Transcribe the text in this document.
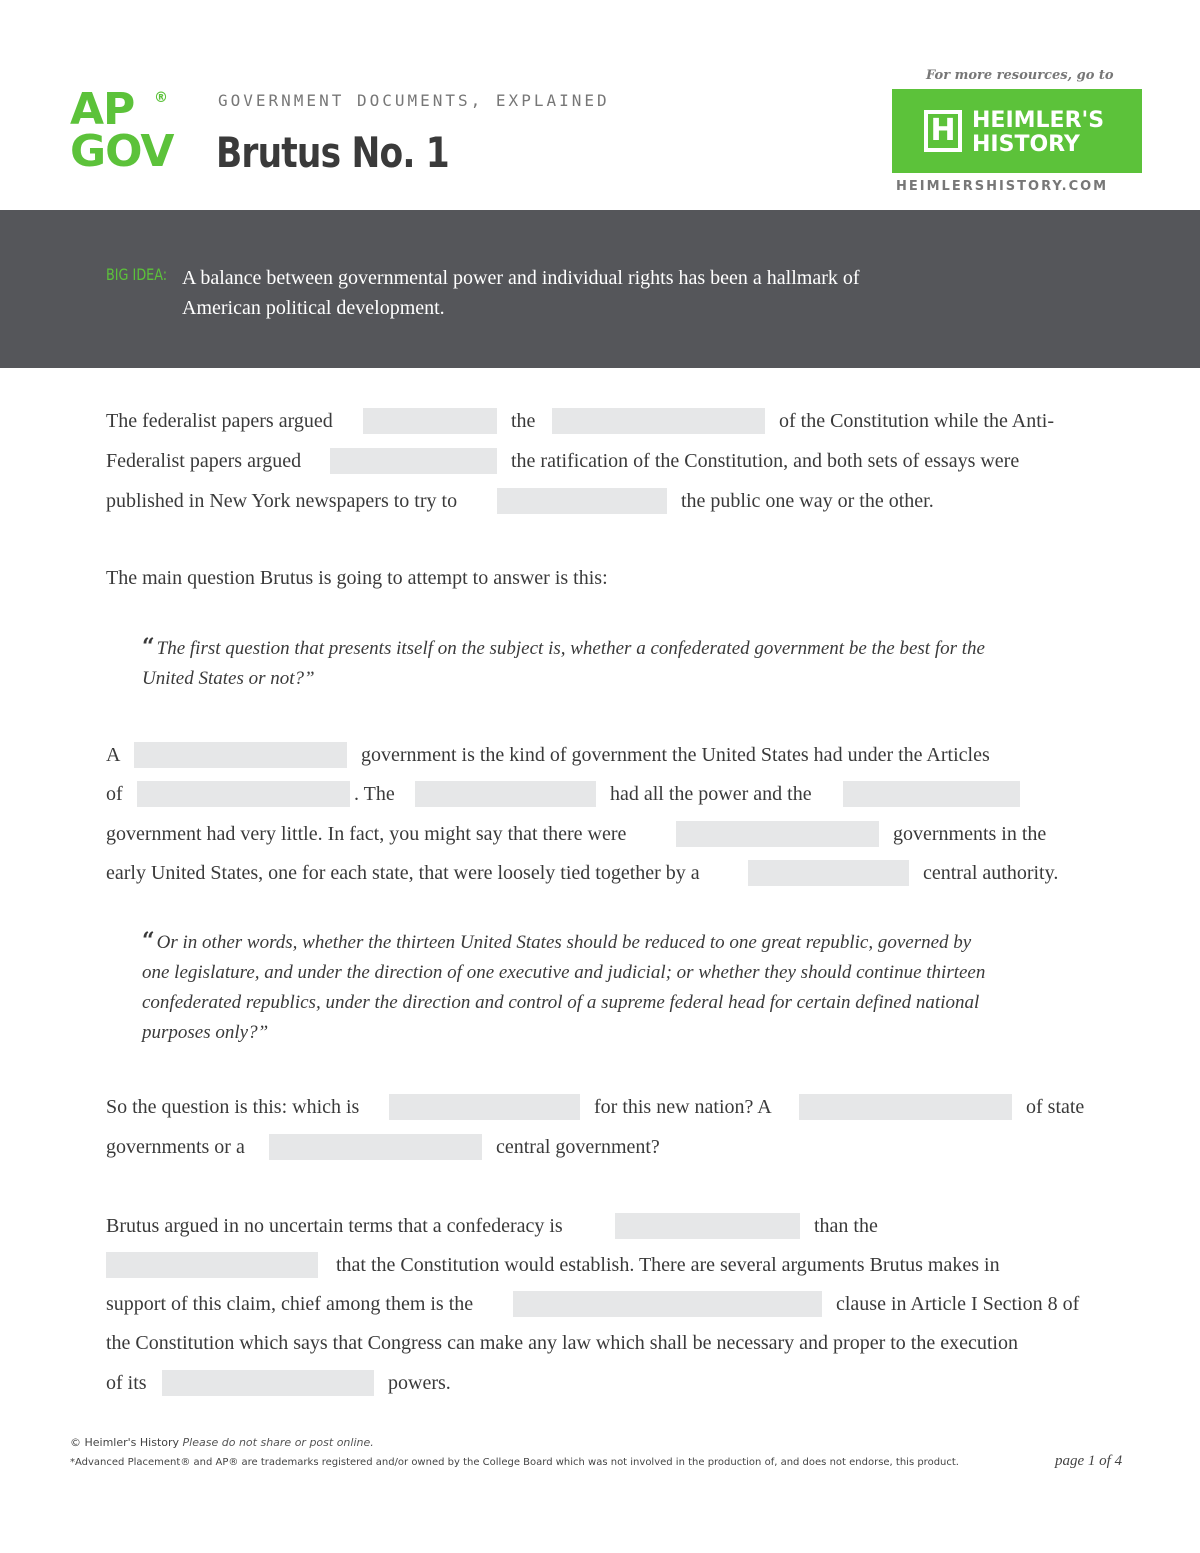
AP ®
GOV
GOVERNMENT DOCUMENTS, EXPLAINED
Brutus No. 1
For more resources, go to
H HEIMLER'S
HISTORY
HEIMLERSHISTORY.COM
BIG IDEA: A balance between governmental power and individual rights has been a hallmark of
American political development.
The federalist papers argued	the	of the Constitution while the Anti-
Federalist papers argued	the ratification of the Constitution, and both sets of essays were
published in New York newspapers to try to	the public one way or the other.
The main question Brutus is going to attempt to answer is this:
“ The first question that presents itself on the subject is, whether a confederated government be the best for the
United States or not?”
A	government is the kind of government the United States had under the Articles
of	. The	had all the power and the
government had very little. In fact, you might say that there were	governments in the
early United States, one for each state, that were loosely tied together by a	central authority.
“ Or in other words, whether the thirteen United States should be reduced to one great republic, governed by
one legislature, and under the direction of one executive and judicial; or whether they should continue thirteen
confederated republics, under the direction and control of a supreme federal head for certain defined national
purposes only?”
So the question is this: which is	for this new nation? A	of state
governments or a	central government?
Brutus argued in no uncertain terms that a confederacy is	than the
that the Constitution would establish. There are several arguments Brutus makes in
support of this claim, chief among them is the	clause in Article I Section 8 of
the Constitution which says that Congress can make any law which shall be necessary and proper to the execution
of its	powers.
© Heimler's History Please do not share or post online.
*Advanced Placement® and AP® are trademarks registered and/or owned by the College Board which was not involved in the production of, and does not endorse, this product.	page 1 of 4
